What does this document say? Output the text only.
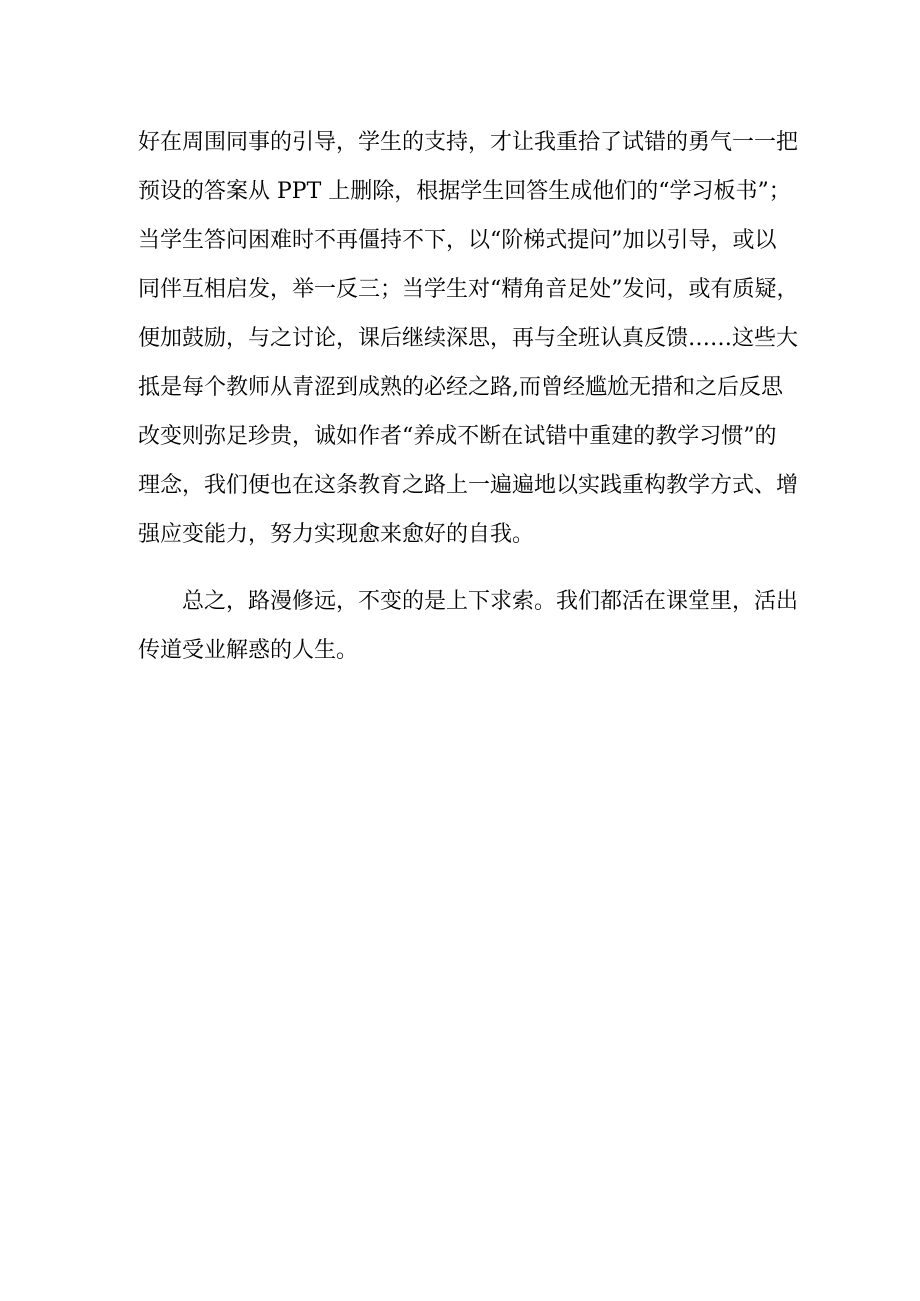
好在周围同事的引导，学生的支持，才让我重拾了试错的勇气一一把
预设的答案从 PPT 上删除，根据学生回答生成他们的“学习板书”；
当学生答问困难时不再僵持不下，以“阶梯式提问”加以引导，或以
同伴互相启发，举一反三；当学生对“精角音足处”发问，或有质疑，
便加鼓励，与之讨论，课后继续深思，再与全班认真反馈……这些大
抵是每个教师从青涩到成熟的必经之路,而曾经尴尬无措和之后反思
改变则弥足珍贵，诚如作者“养成不断在试错中重建的教学习惯”的
理念，我们便也在这条教育之路上一遍遍地以实践重构教学方式、增
强应变能力，努力实现愈来愈好的自我。
总之，路漫修远，不变的是上下求索。我们都活在课堂里，活出
传道受业解惑的人生。
